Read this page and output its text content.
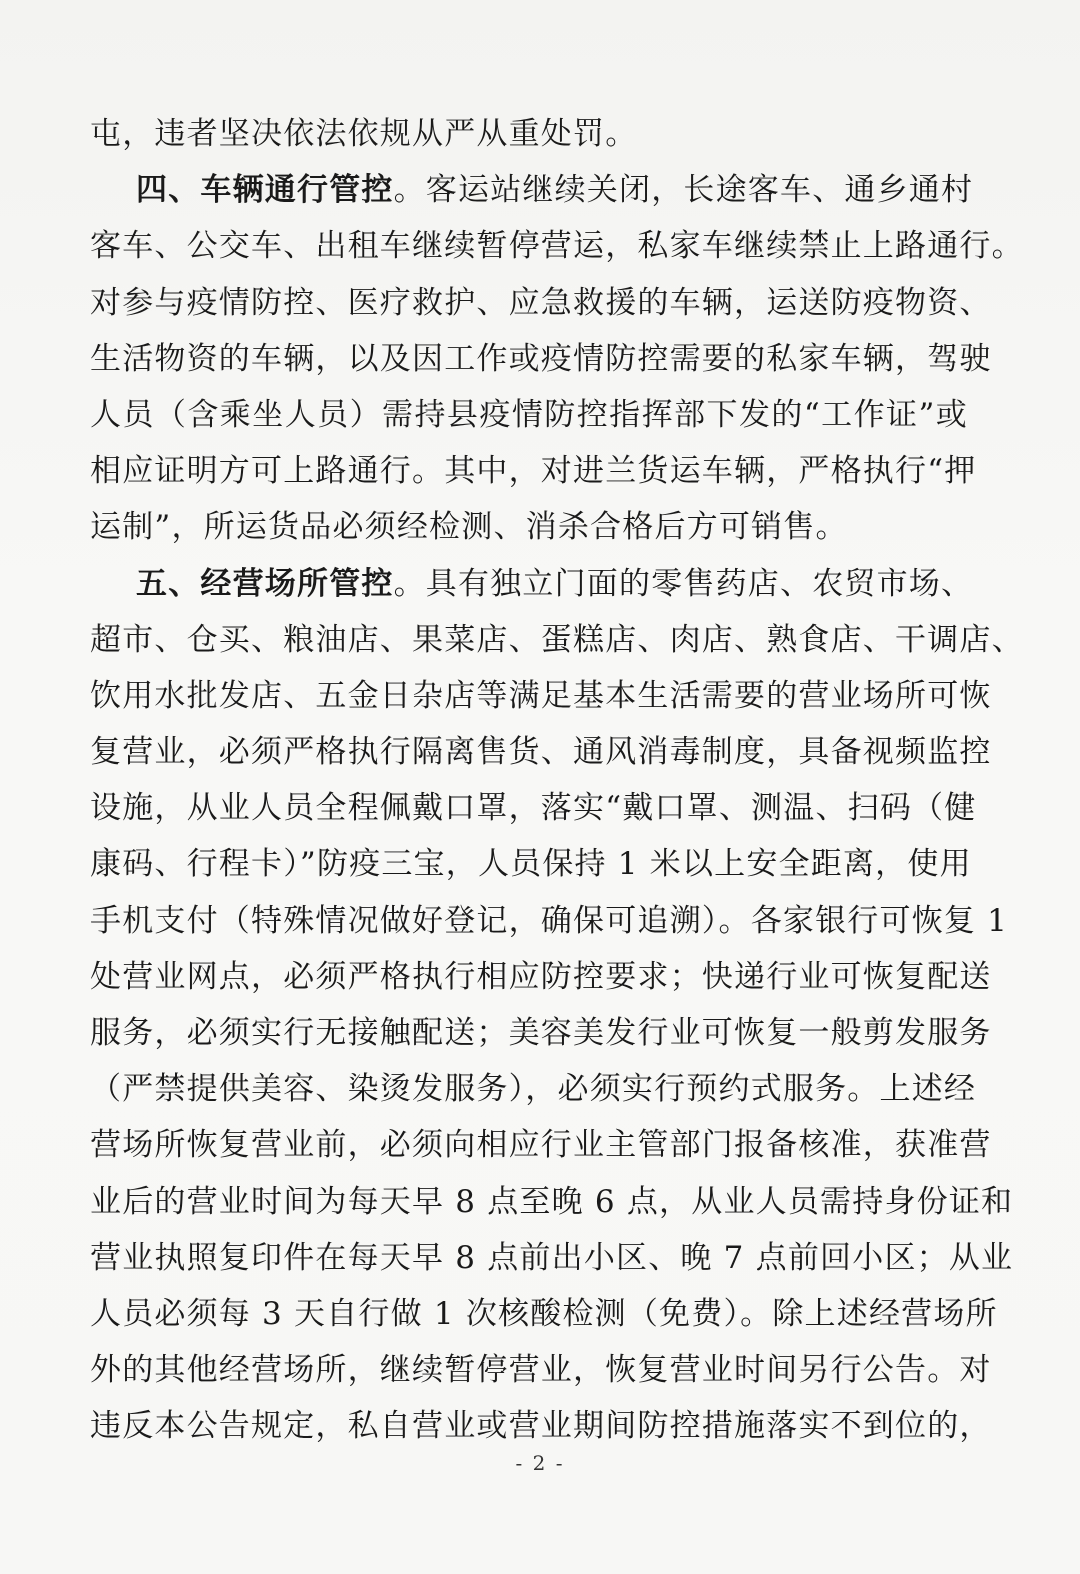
屯，违者坚决依法依规从严从重处罚。
四、车辆通行管控。客运站继续关闭，长途客车、通乡通村
客车、公交车、出租车继续暂停营运，私家车继续禁止上路通行。
对参与疫情防控、医疗救护、应急救援的车辆，运送防疫物资、
生活物资的车辆，以及因工作或疫情防控需要的私家车辆，驾驶
人员（含乘坐人员）需持县疫情防控指挥部下发的“工作证”或
相应证明方可上路通行。其中，对进兰货运车辆，严格执行“押
运制”，所运货品必须经检测、消杀合格后方可销售。
五、经营场所管控。具有独立门面的零售药店、农贸市场、
超市、仓买、粮油店、果菜店、蛋糕店、肉店、熟食店、干调店、
饮用水批发店、五金日杂店等满足基本生活需要的营业场所可恢
复营业，必须严格执行隔离售货、通风消毒制度，具备视频监控
设施，从业人员全程佩戴口罩，落实“戴口罩、测温、扫码（健
康码、行程卡）”防疫三宝，人员保持 1 米以上安全距离，使用
手机支付（特殊情况做好登记，确保可追溯）。各家银行可恢复 1
处营业网点，必须严格执行相应防控要求；快递行业可恢复配送
服务，必须实行无接触配送；美容美发行业可恢复一般剪发服务
（严禁提供美容、染烫发服务），必须实行预约式服务。上述经
营场所恢复营业前，必须向相应行业主管部门报备核准，获准营
业后的营业时间为每天早 8 点至晚 6 点，从业人员需持身份证和
营业执照复印件在每天早 8 点前出小区、晚 7 点前回小区；从业
人员必须每 3 天自行做 1 次核酸检测（免费）。除上述经营场所
外的其他经营场所，继续暂停营业，恢复营业时间另行公告。对
违反本公告规定，私自营业或营业期间防控措施落实不到位的，
- 2 -
